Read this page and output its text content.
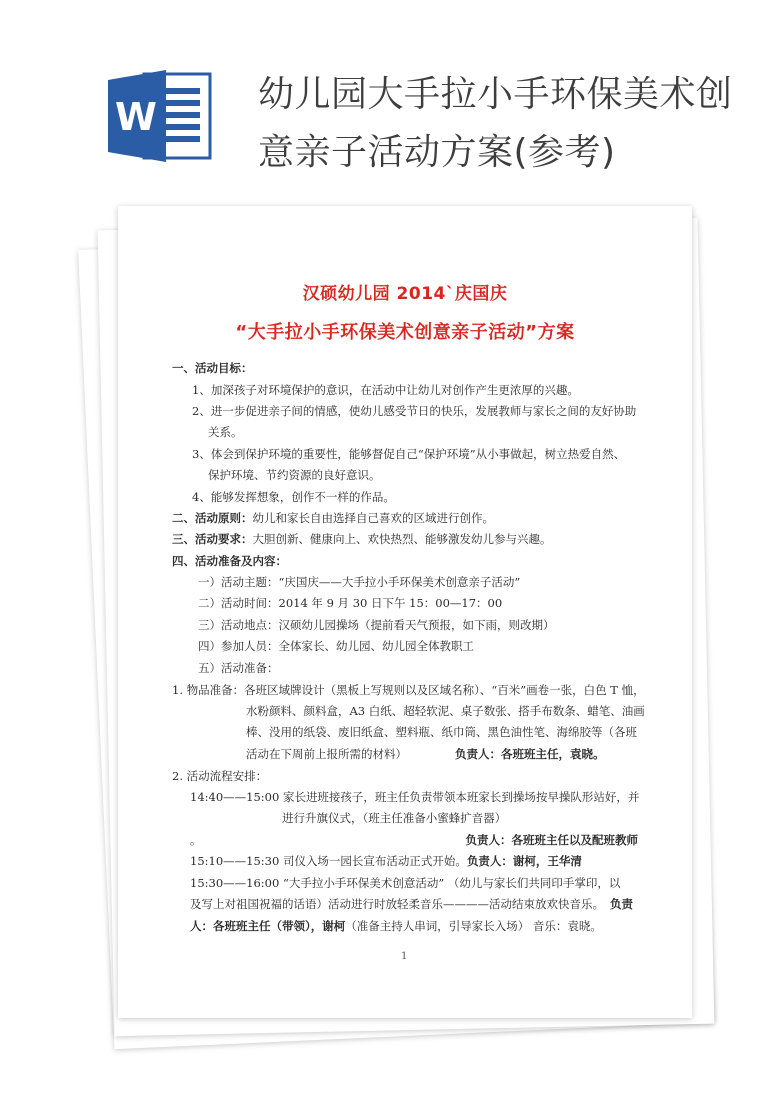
W
幼儿园大手拉小手环保美术创意亲子活动方案(参考)
汉硕幼儿园 2014`庆国庆
“大手拉小手环保美术创意亲子活动”方案

一、活动目标：

1、加深孩子对环境保护的意识，在活动中让幼儿对创作产生更浓厚的兴趣。

2、进一步促进亲子间的情感，使幼儿感受节日的快乐，发展教师与家长之间的友好协助

关系。

3、体会到保护环境的重要性，能够督促自己“保护环境”从小事做起，树立热爱自然、

保护环境、节约资源的良好意识。

4、能够发挥想象，创作不一样的作品。

二、活动原则：幼儿和家长自由选择自己喜欢的区域进行创作。

三、活动要求：大胆创新、健康向上、欢快热烈、能够激发幼儿参与兴趣。

四、活动准备及内容：

一）活动主题：“庆国庆——大手拉小手环保美术创意亲子活动”

二）活动时间：2014 年 9 月 30 日下午 15：00—17：00

三）活动地点：汉硕幼儿园操场（提前看天气预报，如下雨，则改期）

四）参加人员：全体家长、幼儿园、幼儿园全体教职工

五）活动准备：

1. 物品准备：各班区域牌设计（黑板上写规则以及区域名称）、“百米”画卷一张，白色 T 恤，

水粉颜料、颜料盒，A3 白纸、超轻软泥、桌子数张、搭手布数条、蜡笔、油画

棒、没用的纸袋、废旧纸盒、塑料瓶、纸巾筒、黑色油性笔、海绵胶等（各班

活动在下周前上报所需的材料）	负责人：各班班主任，袁晓。

2. 活动流程安排：

14:40——15:00 家长进班接孩子，班主任负责带领本班家长到操场按早操队形站好，并

进行升旗仪式，（班主任准备小蜜蜂扩音器）

。	负责人：各班班主任以及配班教师

15:10——15:30 司仪入场一园长宣布活动正式开始。负责人：谢柯，王华清

15:30——16:00 “大手拉小手环保美术创意活动” （幼儿与家长们共同印手掌印，以

及写上对祖国祝福的话语）活动进行时放轻柔音乐————活动结束放欢快音乐。 负责

人：各班班主任（带领），谢柯（准备主持人串词，引导家长入场） 音乐：袁晓。

1
